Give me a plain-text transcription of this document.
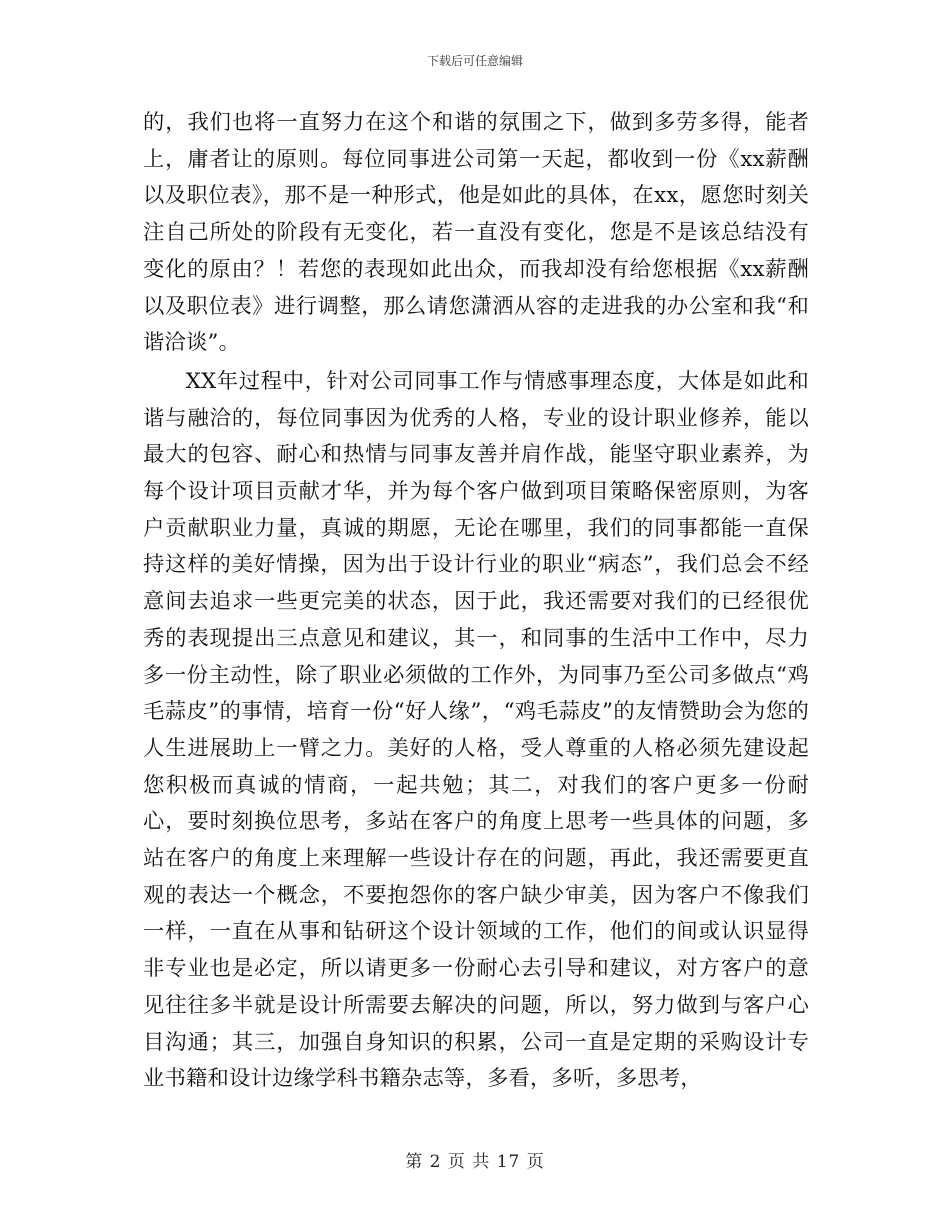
下载后可任意编辑

的，我们也将一直努力在这个和谐的氛围之下，做到多劳多得，能者上，庸者让的原则。每位同事进公司第一天起，都收到一份《xx薪酬以及职位表》，那不是一种形式，他是如此的具体，在xx，愿您时刻关注自己所处的阶段有无变化，若一直没有变化，您是不是该总结没有变化的原由？！若您的表现如此出众，而我却没有给您根据《xx薪酬以及职位表》进行调整，那么请您潇洒从容的走进我的办公室和我“和谐洽谈”。

XX年过程中，针对公司同事工作与情感事理态度，大体是如此和谐与融洽的，每位同事因为优秀的人格，专业的设计职业修养，能以最大的包容、耐心和热情与同事友善并肩作战，能坚守职业素养，为每个设计项目贡献才华，并为每个客户做到项目策略保密原则，为客户贡献职业力量，真诚的期愿，无论在哪里，我们的同事都能一直保持这样的美好情操，因为出于设计行业的职业“病态”，我们总会不经意间去追求一些更完美的状态，因于此，我还需要对我们的已经很优秀的表现提出三点意见和建议，其一，和同事的生活中工作中，尽力多一份主动性，除了职业必须做的工作外，为同事乃至公司多做点“鸡毛蒜皮”的事情，培育一份“好人缘”，“鸡毛蒜皮”的友情赞助会为您的人生进展助上一臂之力。美好的人格，受人尊重的人格必须先建设起您积极而真诚的情商，一起共勉；其二，对我们的客户更多一份耐心，要时刻换位思考，多站在客户的角度上思考一些具体的问题，多站在客户的角度上来理解一些设计存在的问题，再此，我还需要更直观的表达一个概念，不要抱怨你的客户缺少审美，因为客户不像我们一样，一直在从事和钻研这个设计领域的工作，他们的间或认识显得非专业也是必定，所以请更多一份耐心去引导和建议，对方客户的意见往往多半就是设计所需要去解决的问题，所以，努力做到与客户心目沟通；其三，加强自身知识的积累，公司一直是定期的采购设计专业书籍和设计边缘学科书籍杂志等，多看，多听，多思考，

第 2 页 共 17 页
